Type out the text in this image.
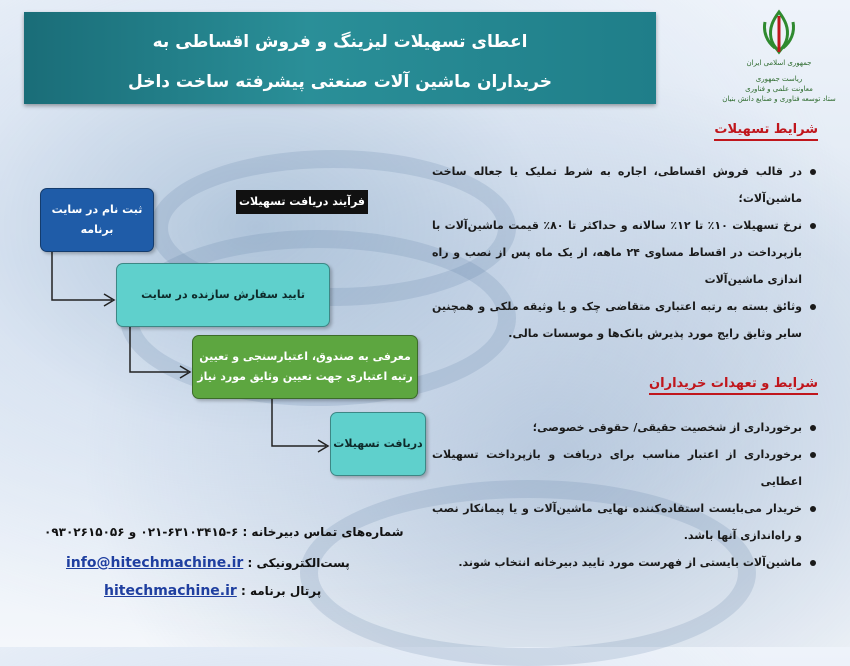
اعطای تسهیلات لیزینگ و فروش اقساطی به
خریداران ماشین آلات صنعتی پیشرفته ساخت داخل
جمهوری اسلامی ایران
ریاست جمهوری
معاونت علمی و فناوری
ستاد توسعه فناوری و صنایع دانش بنیان
شرایط تسهیلات
در قالب فروش اقساطی، اجاره به شرط تملیک یا جعاله ساخت ماشین‌آلات؛
نرخ تسهیلات ۱۰٪ تا ۱۲٪ سالانه و حداکثر تا ۸۰٪ قیمت ماشین‌آلات با بازپرداخت در اقساط مساوی ۲۴ ماهه، از یک ماه پس از نصب و راه اندازی ماشین‌آلات
وثائق بسته به رتبه اعتباری متقاضی چک و یا وثیقه ملکی و همچنین سایر وثایق رایج مورد پذیرش بانک‌ها و موسسات مالی.
شرایط و تعهدات خریداران
برخورداری از شخصیت حقیقی/ حقوقی خصوصی؛
برخورداری از اعتبار مناسب برای دریافت و بازپرداخت تسهیلات اعطایی
خریدار می‌بایست استفاده‌کننده نهایی ماشین‌آلات و یا پیمانکار نصب و راه‌اندازی آنها باشد.
ماشین‌آلات بایستی از فهرست مورد تایید دبیرخانه انتخاب شوند.
فرآیند دریافت تسهیلات
ثبت نام در سایت برنامه
تایید سفارش سازنده در سایت
معرفی به صندوق، اعتبارسنجی و تعیین رتبه اعتباری جهت تعیین وثایق مورد نیاز
دریافت تسهیلات
شماره‌های تماس دبیرخانه : ۶-۶۳۱۰۳۴۱۵-۰۲۱ و ۰۹۳۰۲۶۱۵۰۵۶
پست‌الکترونیکی : info@hitechmachine.ir
پرتال برنامه : hitechmachine.ir
